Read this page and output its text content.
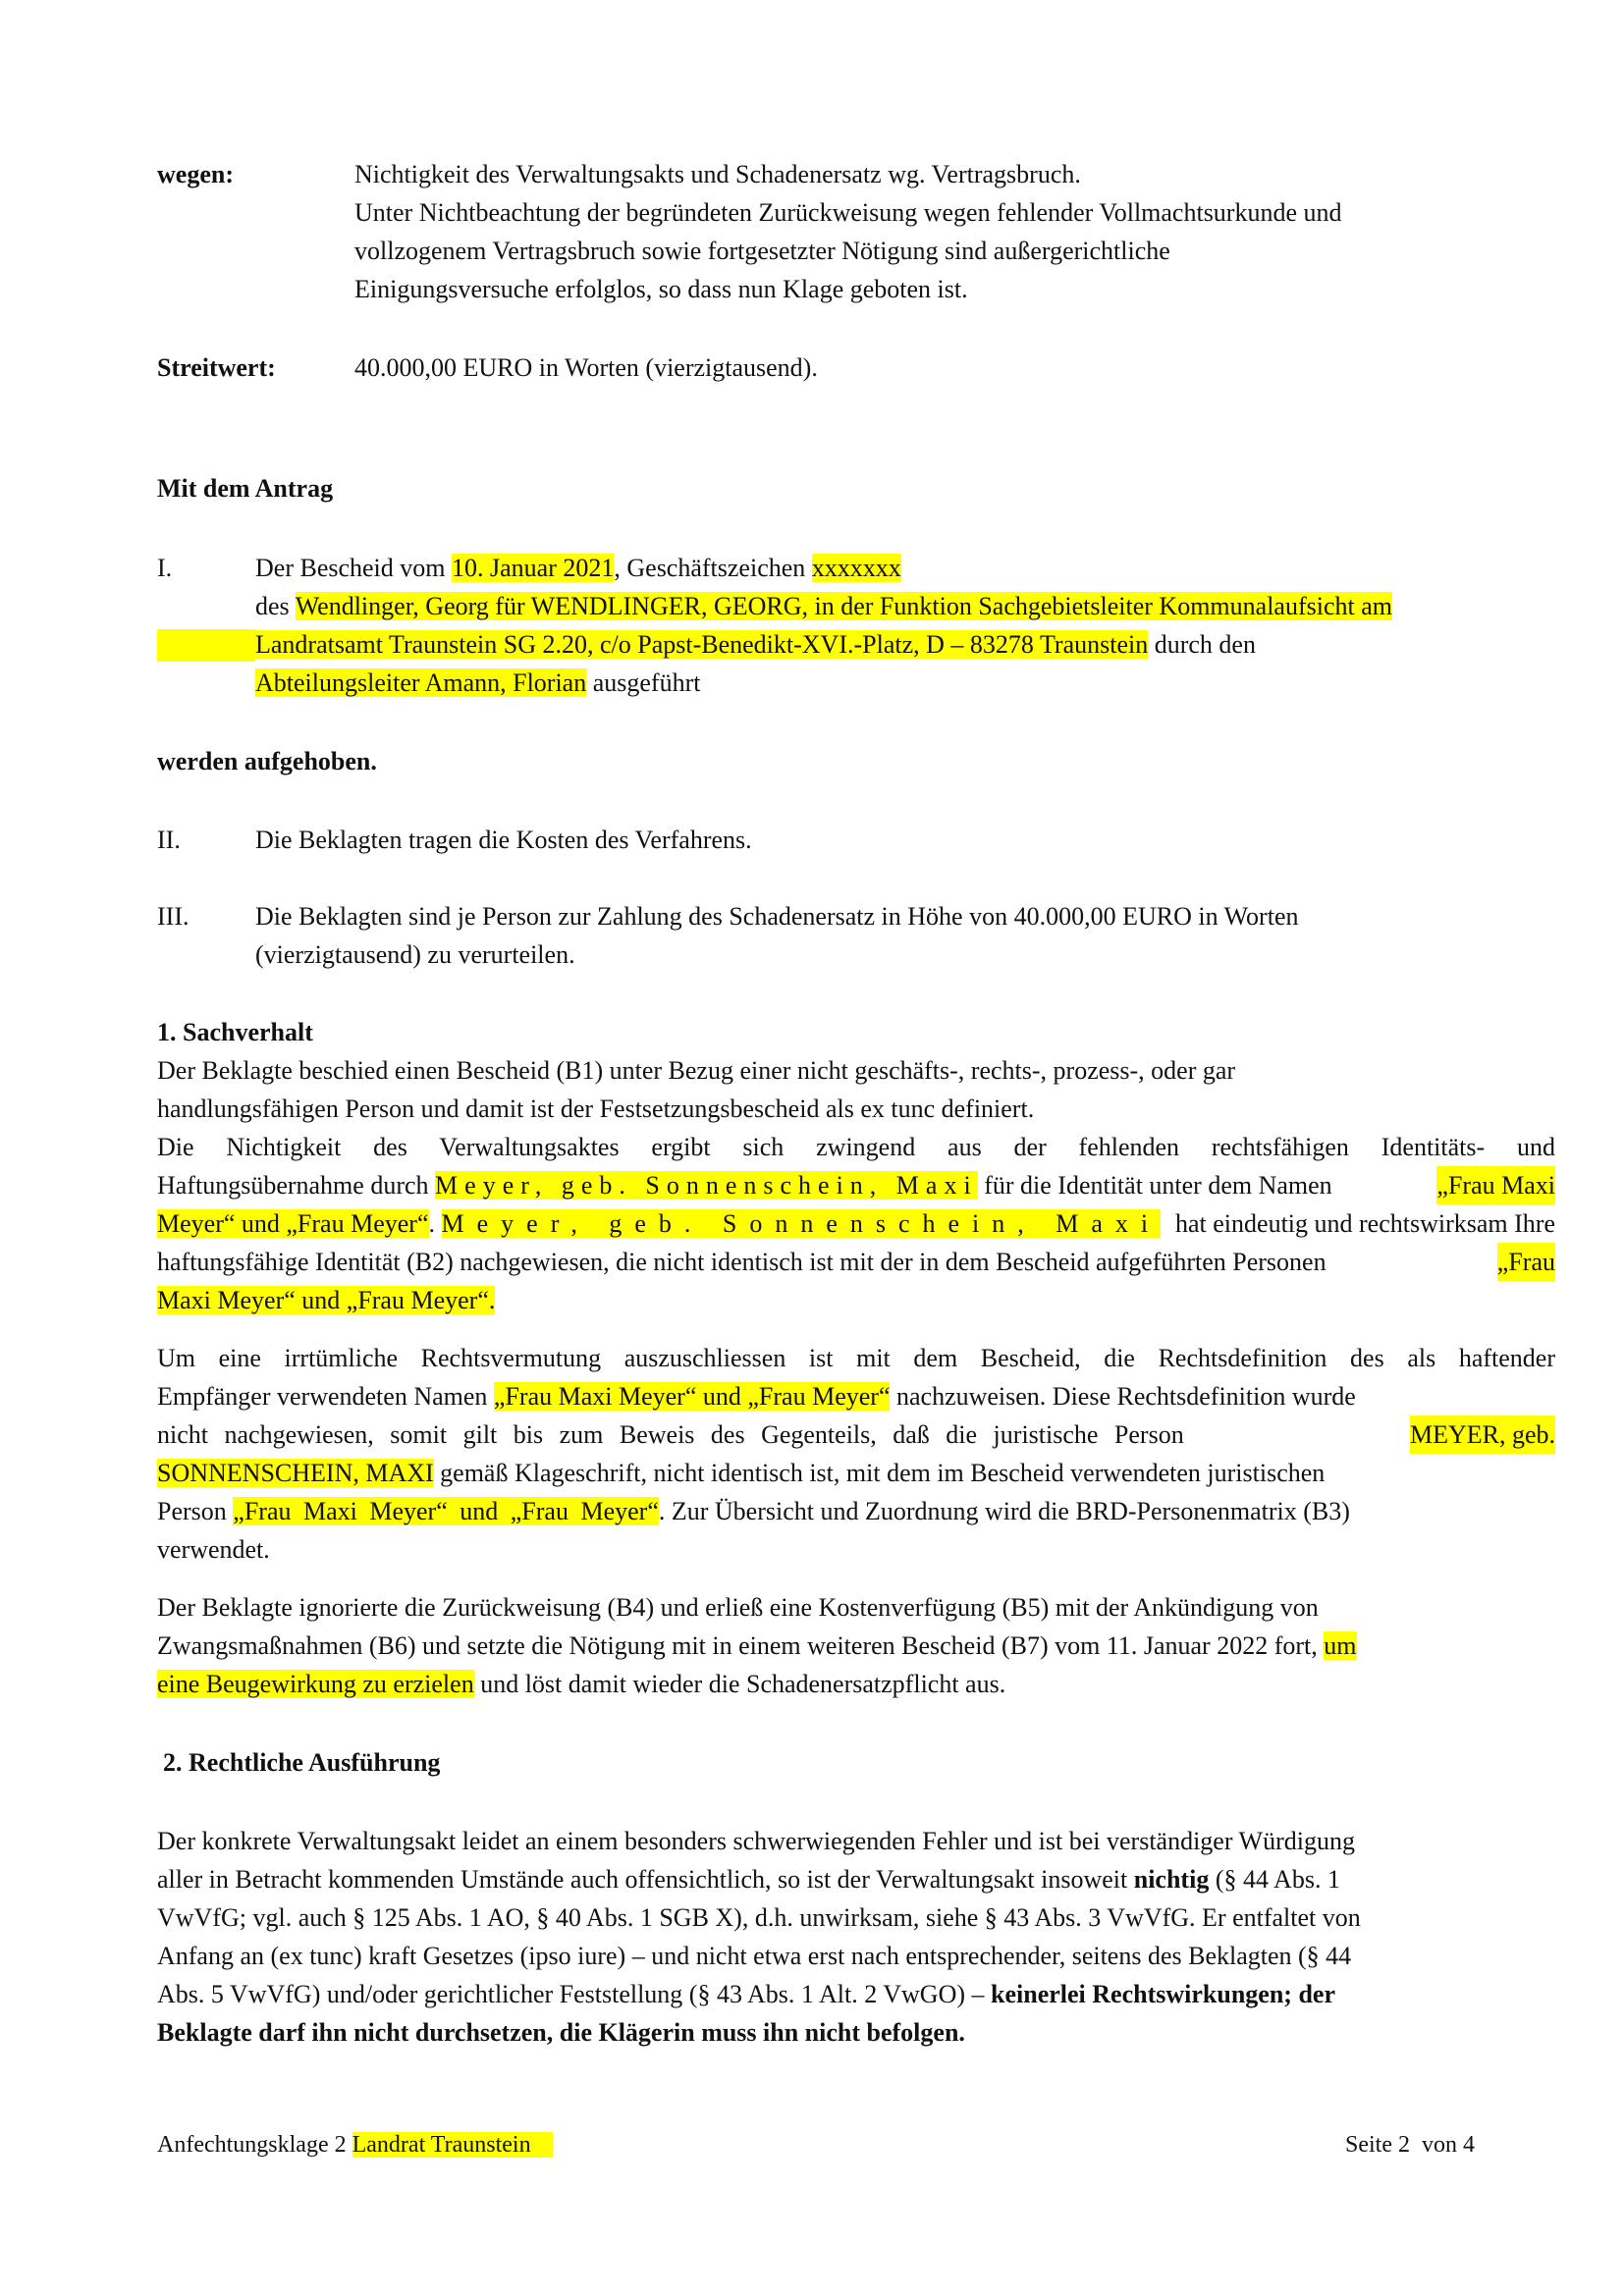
wegen:	Nichtigkeit des Verwaltungsakts und Schadenersatz wg. Vertragsbruch.
Unter Nichtbeachtung der begründeten Zurückweisung wegen fehlender Vollmachtsurkunde und
vollzogenem Vertragsbruch sowie fortgesetzter Nötigung sind außergerichtliche
Einigungsversuche erfolglos, so dass nun Klage geboten ist.
Streitwert:	40.000,00 EURO in Worten (vierzigtausend).
Mit dem Antrag
I.	Der Bescheid vom 10. Januar 2021, Geschäftszeichen xxxxxxx
des Wendlinger, Georg für WENDLINGER, GEORG, in der Funktion Sachgebietsleiter Kommunalaufsicht am
Landratsamt Traunstein SG 2.20, c/o Papst-Benedikt-XVI.-Platz, D – 83278 Traunstein durch den
Abteilungsleiter Amann, Florian ausgeführt
werden aufgehoben.
II.	Die Beklagten tragen die Kosten des Verfahrens.
III.	Die Beklagten sind je Person zur Zahlung des Schadenersatz in Höhe von 40.000,00 EURO in Worten
(vierzigtausend) zu verurteilen.
1. Sachverhalt
Der Beklagte beschied einen Bescheid (B1) unter Bezug einer nicht geschäfts-, rechts-, prozess-, oder gar
handlungsfähigen Person und damit ist der Festsetzungsbescheid als ex tunc definiert.
Die Nichtigkeit des Verwaltungsaktes ergibt sich zwingend aus der fehlenden rechtsfähigen Identitäts- und
Haftungsübernahme durch Meyer, geb. Sonnenschein, Maxi für die Identität unter dem Namen	„Frau Maxi
Meyer“ und „Frau Meyer“. Meyer, geb. Sonnenschein, Maxi hat eindeutig und rechtswirksam Ihre
haftungsfähige Identität (B2) nachgewiesen, die nicht identisch ist mit der in dem Bescheid aufgeführten Personen	„Frau
Maxi Meyer“ und „Frau Meyer“.
Um eine irrtümliche Rechtsvermutung auszuschliessen ist mit dem Bescheid, die Rechtsdefinition des als haftender
Empfänger verwendeten Namen „Frau Maxi Meyer“ und „Frau Meyer“ nachzuweisen. Diese Rechtsdefinition wurde
nicht nachgewiesen, somit gilt bis zum Beweis des Gegenteils, daß die juristische Person	MEYER, geb.
SONNENSCHEIN, MAXI gemäß Klageschrift, nicht identisch ist, mit dem im Bescheid verwendeten juristischen
Person „Frau Maxi Meyer“ und „Frau Meyer“. Zur Übersicht und Zuordnung wird die BRD-Personenmatrix (B3)
verwendet.
Der Beklagte ignorierte die Zurückweisung (B4) und erließ eine Kostenverfügung (B5) mit der Ankündigung von
Zwangsmaßnahmen (B6) und setzte die Nötigung mit in einem weiteren Bescheid (B7) vom 11. Januar 2022 fort, um
eine Beugewirkung zu erzielen und löst damit wieder die Schadenersatzpflicht aus.
2. Rechtliche Ausführung
Der konkrete Verwaltungsakt leidet an einem besonders schwerwiegenden Fehler und ist bei verständiger Würdigung
aller in Betracht kommenden Umstände auch offensichtlich, so ist der Verwaltungsakt insoweit nichtig (§ 44 Abs. 1
VwVfG; vgl. auch § 125 Abs. 1 AO, § 40 Abs. 1 SGB X), d.h. unwirksam, siehe § 43 Abs. 3 VwVfG. Er entfaltet von
Anfang an (ex tunc) kraft Gesetzes (ipso iure) – und nicht etwa erst nach entsprechender, seitens des Beklagten (§ 44
Abs. 5 VwVfG) und/oder gerichtlicher Feststellung (§ 43 Abs. 1 Alt. 2 VwGO) – keinerlei Rechtswirkungen; der
Beklagte darf ihn nicht durchsetzen, die Klägerin muss ihn nicht befolgen.
Anfechtungsklage 2 Landrat Traunstein	Seite 2  von 4
